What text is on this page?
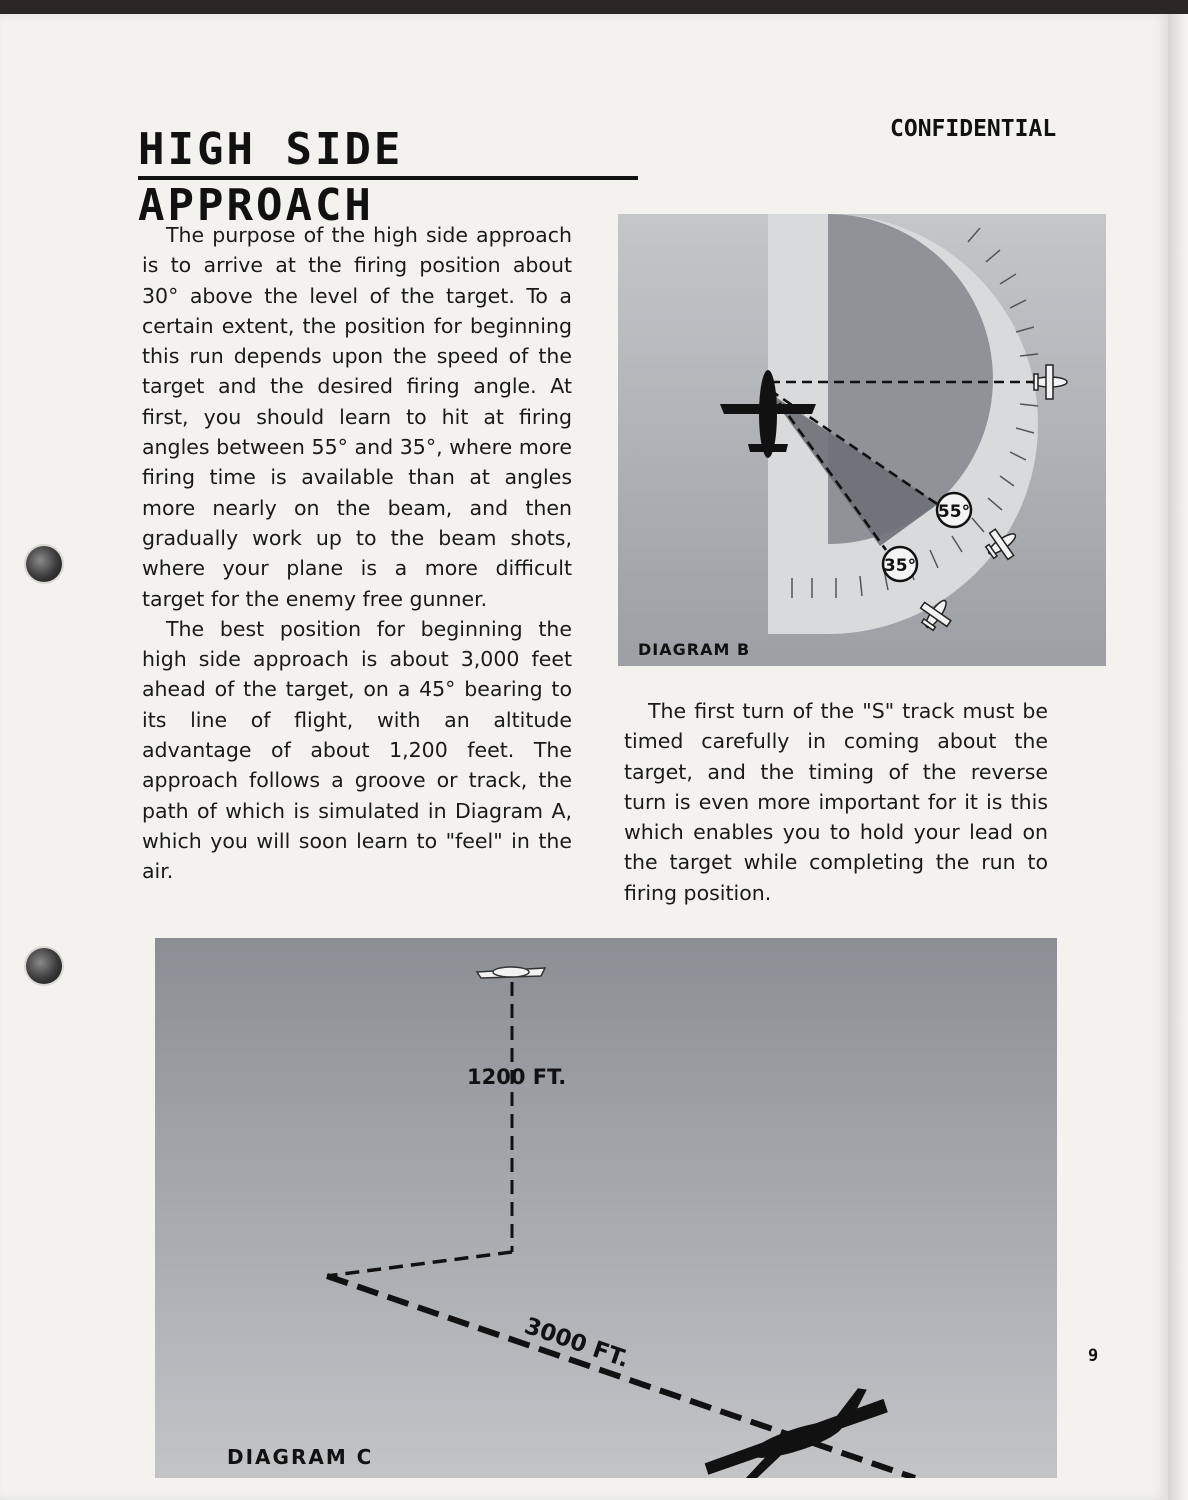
HIGH SIDE APPROACH
CONFIDENTIAL

The purpose of the high side approach is to arrive at the firing position about 30° above the level of the target. To a certain extent, the position for beginning this run depends upon the speed of the target and the desired firing angle. At first, you should learn to hit at firing angles between 55° and 35°, where more firing time is available than at angles more nearly on the beam, and then gradually work up to the beam shots, where your plane is a more difficult target for the enemy free gunner.

The best position for beginning the high side approach is about 3,000 feet ahead of the target, on a 45° bearing to its line of flight, with an altitude advantage of about 1,200 feet. The approach follows a groove or track, the path of which is simulated in Diagram A, which you will soon learn to "feel" in the air.

55°
35°
DIAGRAM B

The first turn of the "S" track must be timed carefully in coming about the target, and the timing of the reverse turn is even more important for it is this which enables you to hold your lead on the target while completing the run to firing position.

1200 FT.
3000 FT.
DIAGRAM C
9
